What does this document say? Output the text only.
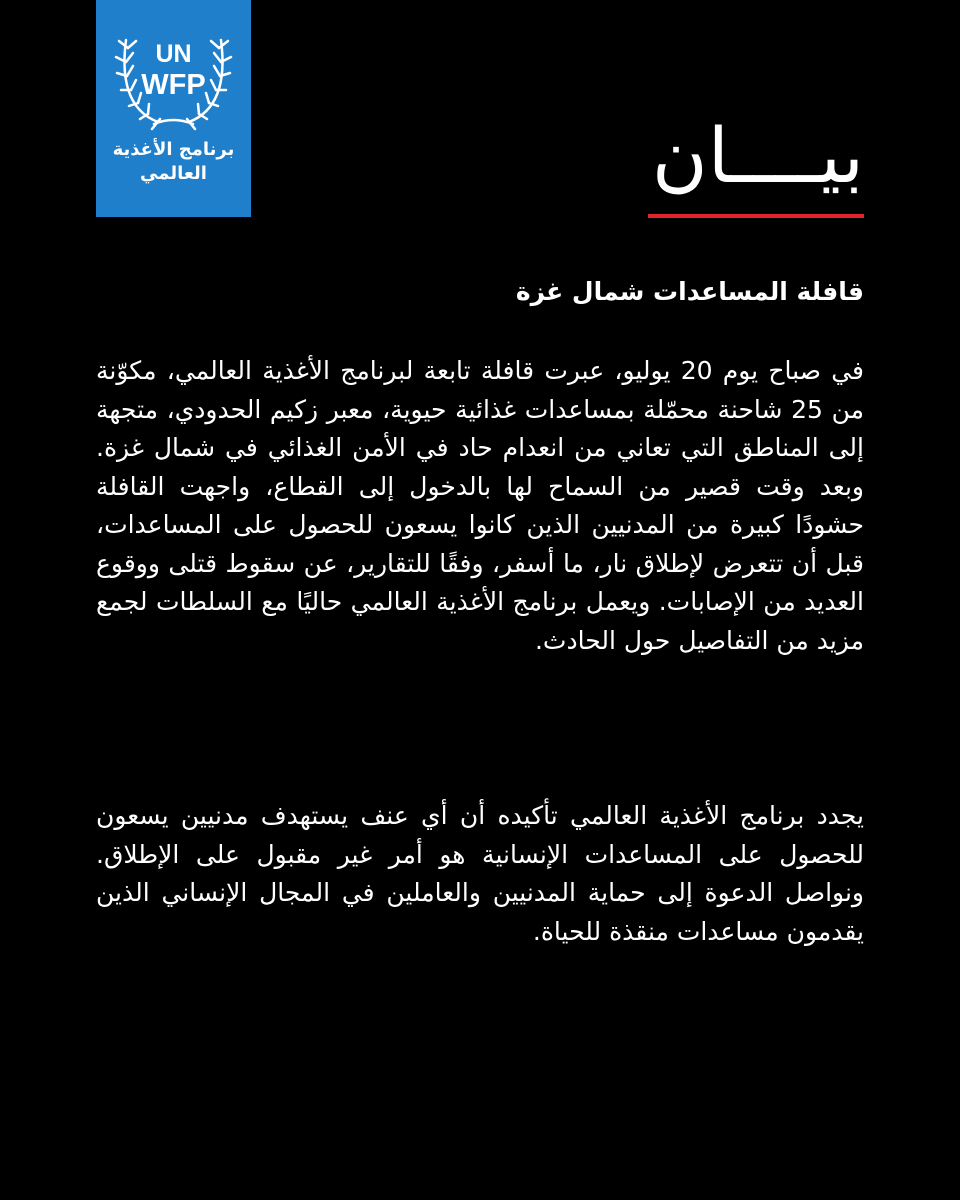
UN
WFP
برنامج الأغذية
العالمي	بيــــان
قافلة المساعدات شمال غزة
في صباح يوم 20 يوليو، عبرت قافلة تابعة لبرنامج الأغذية العالمي، مكوّنة من 25 شاحنة محمّلة بمساعدات غذائية حيوية، معبر زكيم الحدودي، متجهة إلى المناطق التي تعاني من انعدام حاد في الأمن الغذائي في شمال غزة. وبعد وقت قصير من السماح لها بالدخول إلى القطاع، واجهت القافلة حشودًا كبيرة من المدنيين الذين كانوا يسعون للحصول على المساعدات، قبل أن تتعرض لإطلاق نار، ما أسفر، وفقًا للتقارير، عن سقوط قتلى ووقوع العديد من الإصابات. ويعمل برنامج الأغذية العالمي حاليًا مع السلطات لجمع مزيد من التفاصيل حول الحادث.
يجدد برنامج الأغذية العالمي تأكيده أن أي عنف يستهدف مدنيين يسعون للحصول على المساعدات الإنسانية هو أمر غير مقبول على الإطلاق. ونواصل الدعوة إلى حماية المدنيين والعاملين في المجال الإنساني الذين يقدمون مساعدات منقذة للحياة.
